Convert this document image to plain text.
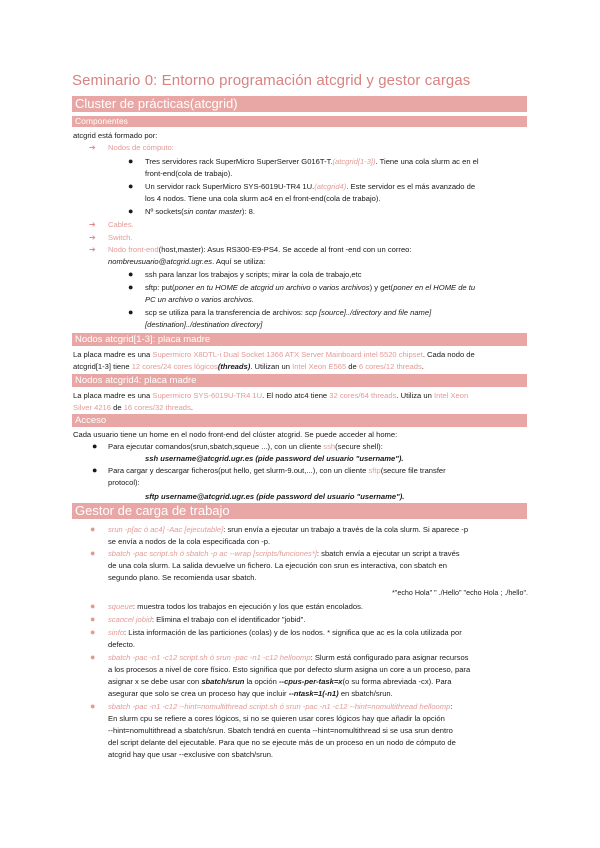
Seminario 0: Entorno programación atcgrid y gestor cargas
Cluster de prácticas(atcgrid)
Componentes
atcgrid está formado por:
➔ Nodos de cómputo:
● Tres servidores rack SuperMicro SuperServer G016T-T.(atcgrid[1-3]). Tiene una cola slurm ac en el
front-end(cola de trabajo).
● Un servidor rack SuperMicro SYS-6019U-TR4 1U.(atcgrid4). Este servidor es el más avanzado de
los 4 nodos. Tiene una cola slurm ac4 en el front-end(cola de trabajo).
● Nº sockets(sin contar master): 8.
➔ Cables.
➔ Switch.
➔ Nodo front-end(host,master): Asus RS300-E9-PS4. Se accede al front -end con un correo:
nombreusuario@atcgrid.ugr.es. Aquí se utiliza:
● ssh para lanzar los trabajos y scripts; mirar la cola de trabajo,etc
● sftp: put(poner en tu HOME de atcgrid un archivo o varios archivos) y get(poner en el HOME de tu
PC un archivo o varios archivos.
● scp se utiliza para la transferencia de archivos: scp [source]../directory and file name]
[destination]../destination directory]
Nodos atcgrid[1-3]: placa madre
La placa madre es una Supermicro X8DTL-i Dual Socket 1366 ATX Server Mainboard intel 5520 chipset. Cada nodo de
atcgrid[1-3] tiene 12 cores/24 cores lógicos(threads). Utilizan un Intel Xeon E565 de 6 cores/12 threads.
Nodos atcgrid4: placa madre
La placa madre es una Supermicro SYS-6019U-TR4 1U. El nodo atc4 tiene 32 cores/64 threads. Utiliza un Intel Xeon
Silver 4216 de 16 cores/32 threads.
Acceso
Cada usuario tiene un home en el nodo front-end del clúster atcgrid. Se puede acceder al home:
● Para ejecutar comandos(srun,sbatch,squeue ...), con un cliente ssh(secure shell):
ssh username@atcgrid.ugr.es (pide password del usuario "username").
● Para cargar y descargar ficheros(put hello, get slurm-9.out,...), con un cliente sftp(secure file transfer
protocol):
sftp username@atcgrid.ugr.es (pide password del usuario "username").
Gestor de carga de trabajo
● srun -p[ac ó ac4] -Aac [ejecutable]: srun envía a ejecutar un trabajo a través de la cola slurm. Si aparece -p
se envía a nodos de la cola especificada con -p.
● sbatch -pac script.sh ó sbatch -p ac --wrap [scripts/funciones*]: sbatch envía a ejecutar un script a través
de una cola slurm. La salida devuelve un fichero. La ejecución con srun es interactiva, con sbatch en
segundo plano. Se recomienda usar sbatch.
*"echo Hola" " ./Hello" "echo Hola ; ./hello".
● squeue: muestra todos los trabajos en ejecución y los que están encolados.
● scancel jobid: Elimina el trabajo con el identificador "jobid".
● sinfo: Lista información de las particiones (colas) y de los nodos. * significa que ac es la cola utilizada por
defecto.
● sbatch -pac -n1 -c12 script.sh ó srun -pac -n1 -c12 helloomp: Slurm está configurado para asignar recursos
a los procesos a nivel de core físico. Esto significa que por defecto slurm asigna un core a un proceso, para
asignar x se debe usar con sbatch/srun la opción --cpus-per-task=x(o su forma abreviada -cx). Para
asegurar que solo se crea un proceso hay que incluir --ntask=1(-n1) en sbatch/srun.
● sbatch -pac -n1 -c12 --hint=nomultithread script.sh ó srun -pac -n1 -c12 --hint=nomultithread helloomp:
En slurm cpu se refiere a cores lógicos, si no se quieren usar cores lógicos hay que añadir la opción
--hint=nomultithread a sbatch/srun. Sbatch tendrá en cuenta --hint=nomultithread si se usa srun dentro
del script delante del ejecutable. Para que no se ejecute más de un proceso en un nodo de cómputo de
atcgrid hay que usar --exclusive con sbatch/srun.
